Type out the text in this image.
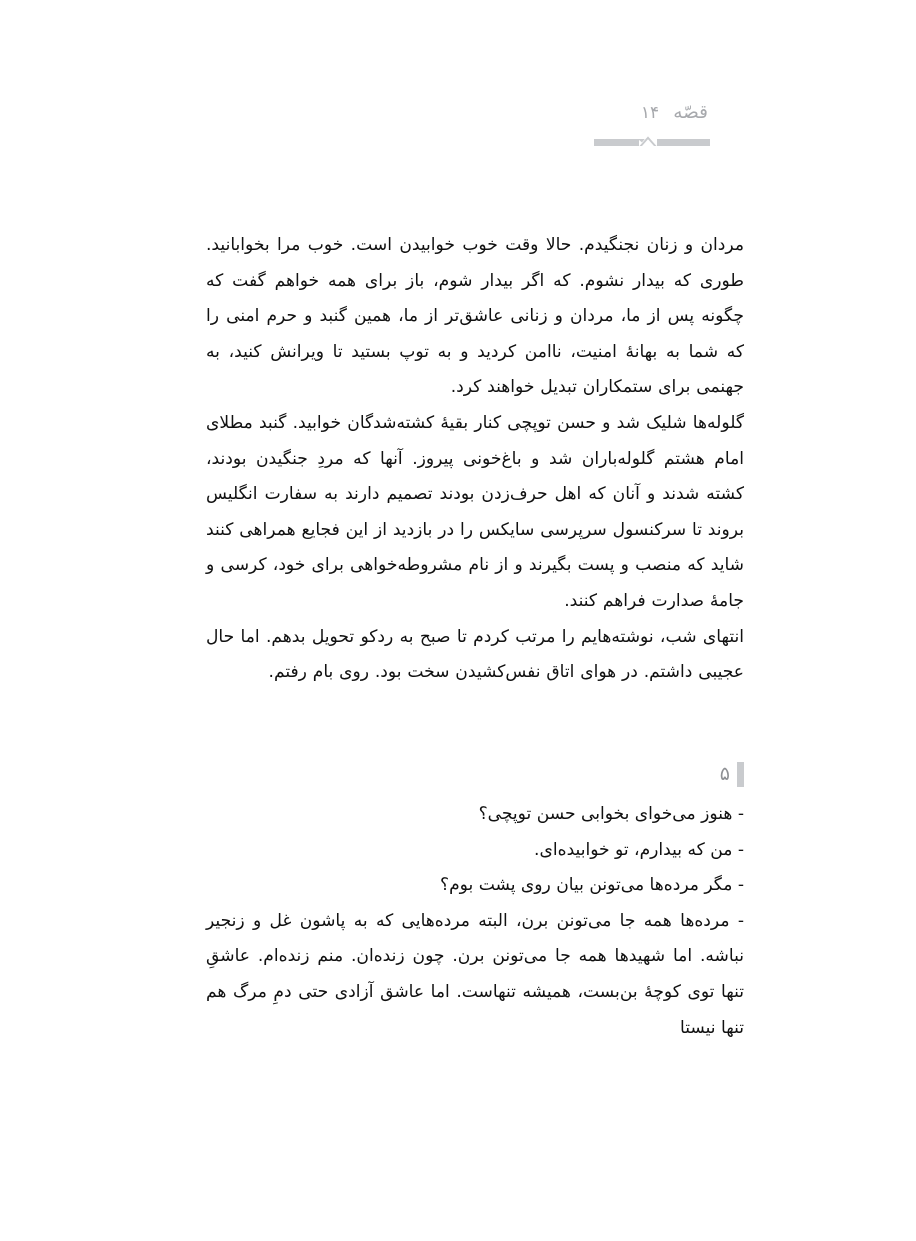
قصّه
۱۴

مردان و زنان نجنگیدم. حالا وقت خوب خوابیدن است. خوب مرا بخوابانید. طوری که بیدار نشوم. که اگر بیدار شوم، باز برای همه خواهم گفت که چگونه پس از ما، مردان و زنانی عاشق‌تر از ما، همین گنبد و حرم امنی را که شما به بهانهٔ امنیت، ناامن کردید و به توپ بستید تا ویرانش کنید، به جهنمی برای ستمکاران تبدیل خواهند کرد.

گلوله‌ها شلیک شد و حسن توپچی کنار بقیهٔ کشته‌شدگان خوابید. گنبد مطلای امام هشتم گلوله‌باران شد و باغ‌خونی پیروز. آنها که مردِ جنگیدن بودند، کشته شدند و آنان که اهل حرف‌زدن بودند تصمیم دارند به سفارت انگلیس بروند تا سرکنسول سرپرسی سایکس را در بازدید از این فجایع همراهی کنند شاید که منصب و پست بگیرند و از نام مشروطه‌خواهی برای خود، کرسی و جامهٔ صدارت فراهم کنند.

انتهای شب، نوشته‌هایم را مرتب کردم تا صبح به ردکو تحویل بدهم. اما حال عجیبی داشتم. در هوای اتاق نفس‌کشیدن سخت بود. روی بام رفتم.

۵

- هنوز می‌خوای بخوابی حسن توپچی؟

- من که بیدارم، تو خوابیده‌ای.

- مگر مرده‌ها می‌تونن بیان روی پشت بوم؟

- مرده‌ها همه جا می‌تونن برن، البته مرده‌هایی که به پاشون غل و زنجیر نباشه. اما شهیدها همه جا می‌تونن برن. چون زنده‌ان. منم زنده‌ام. عاشقِ تنها توی کوچهٔ بن‌بست، همیشه تنهاست. اما عاشق آزادی حتی دمِ مرگ هم تنها نیستا
